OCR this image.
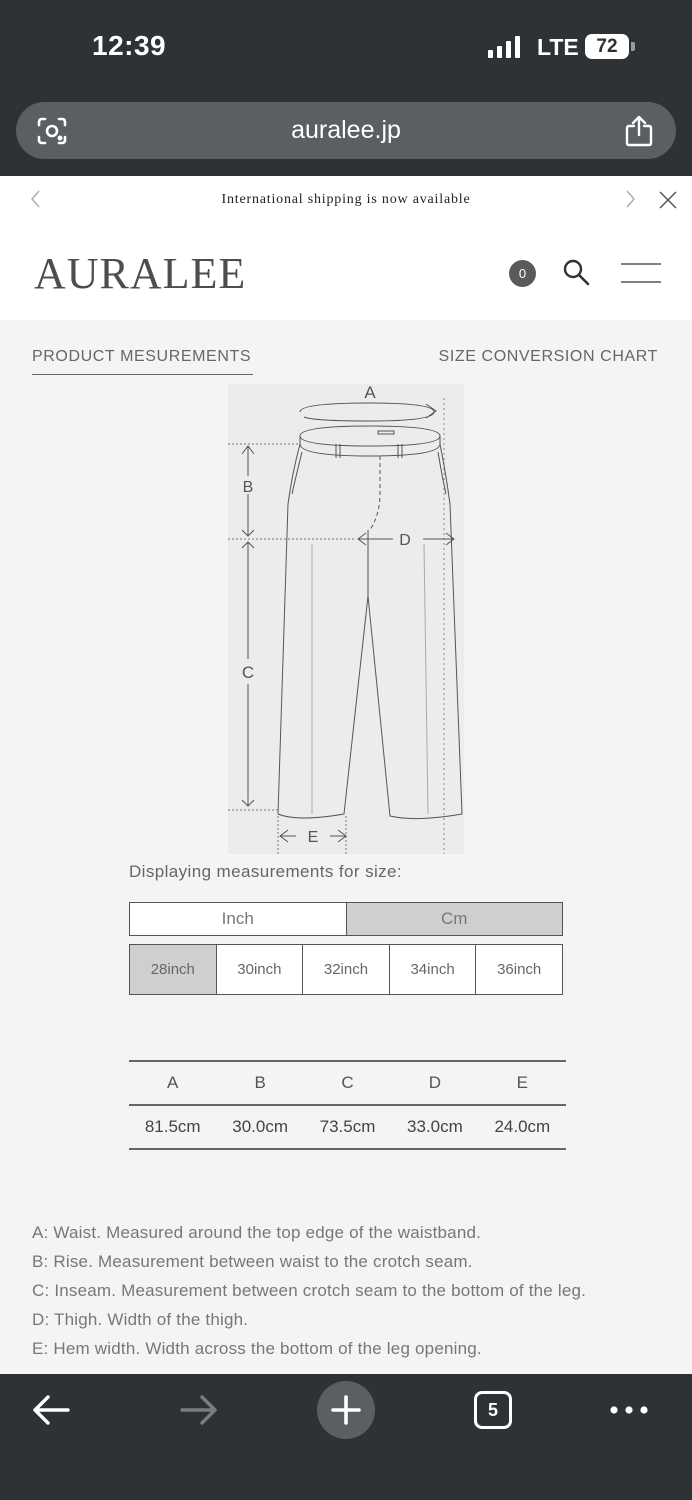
12:39	LTE 72
auralee.jp
International shipping is now available
AURALEE	0
PRODUCT MESUREMENTS	SIZE CONVERSION CHART
A
B
C
D
E
Displaying measurements for size:
Inch	Cm
28inch	30inch	32inch	34inch	36inch
A	B	C	D	E
81.5cm	30.0cm	73.5cm	33.0cm	24.0cm
A: Waist. Measured around the top edge of the waistband.
B: Rise. Measurement between waist to the crotch seam.
C: Inseam. Measurement between crotch seam to the bottom of the leg.
D: Thigh. Width of the thigh.
E: Hem width. Width across the bottom of the leg opening.
5
